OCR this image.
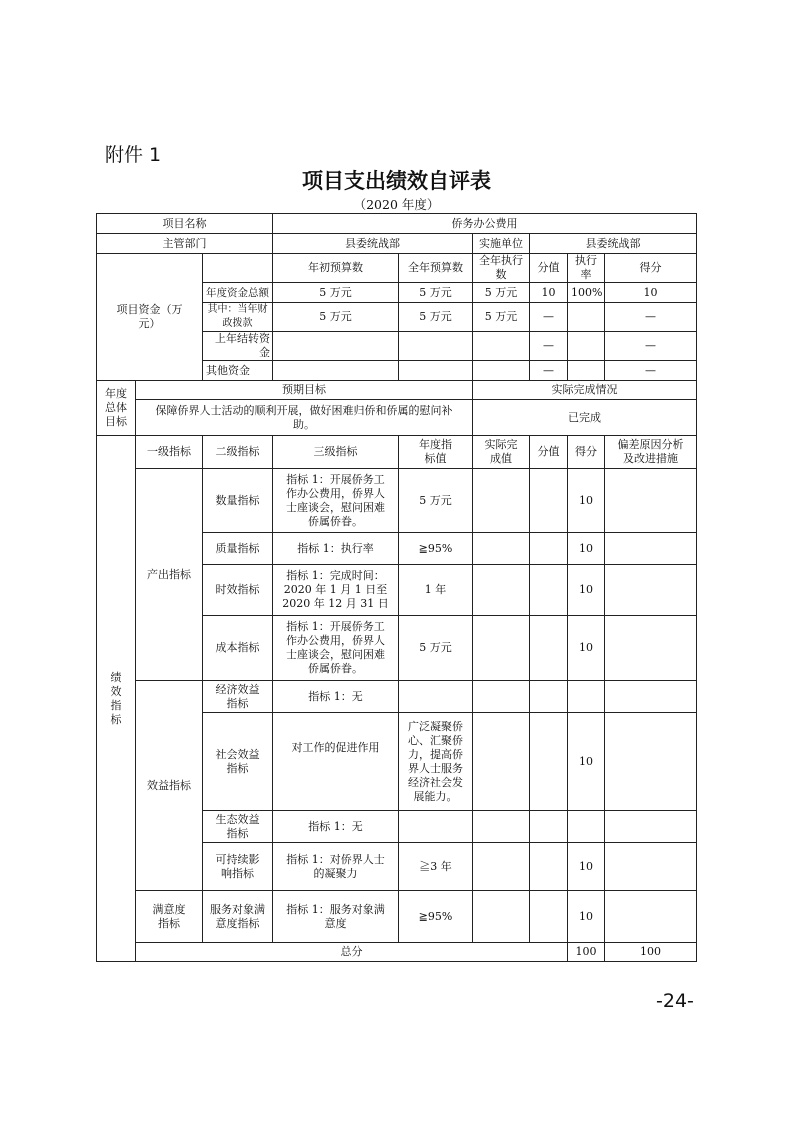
附件 1
项目支出绩效自评表
（2020 年度）
项目名称			侨务办公费用						
主管部门			县委统战部		实施单位	县委统战部			
项目资金（万元）			年初预算数	全年预算数	全年执行数	分值	执行率	得分	
		年度资金总额	5 万元	5 万元	5 万元	10	100%	10	
		其中：当年财政拨款	5 万元	5 万元	5 万元	—		—	
		上年结转资金				—		—	
		其他资金				—		—	
年度总体目标	预期目标				实际完成情况				
	保障侨界人士活动的顺利开展，做好困难归侨和侨属的慰问补助。				已完成				
绩效指标	一级指标	二级指标	三级指标	年度指标值	实际完成值	分值	得分	偏差原因分析及改进措施	
	产出指标	数量指标	指标 1：开展侨务工作办公费用，侨界人士座谈会，慰问困难侨属侨眷。	5 万元			10		
		质量指标	指标 1：执行率	≧95%			10		
		时效指标	指标 1：完成时间：2020 年 1 月 1 日至 2020 年 12 月 31 日	1 年			10		
		成本指标	指标 1：开展侨务工作办公费用，侨界人士座谈会，慰问困难侨属侨眷。	5 万元			10		
	效益指标	经济效益指标	指标 1：无						
		社会效益指标	对工作的促进作用	广泛凝聚侨心、汇聚侨力，提高侨界人士服务经济社会发展能力。			10		
		生态效益指标	指标 1：无						
		可持续影响指标	指标 1：对侨界人士的凝聚力	≧3 年			10		
	满意度指标	服务对象满意度指标	指标 1：服务对象满意度	≧95%			10		
	总分						100	100	
-24-
